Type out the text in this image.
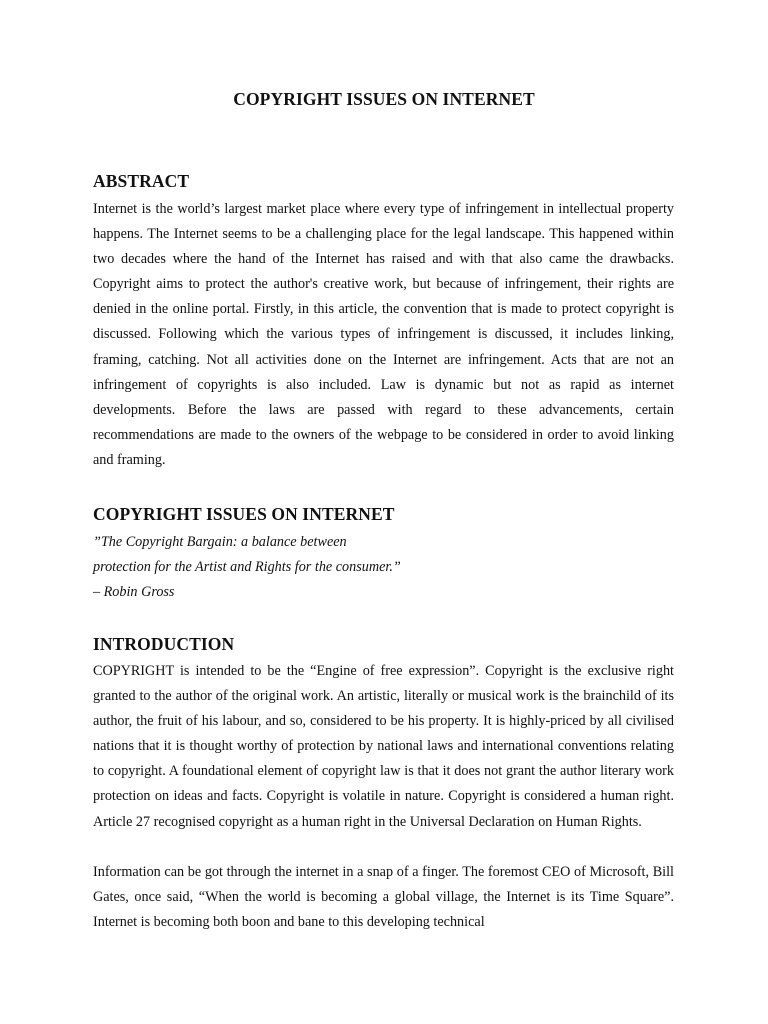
COPYRIGHT ISSUES ON INTERNET
ABSTRACT

Internet is the world’s largest market place where every type of infringement in intellectual property happens. The Internet seems to be a challenging place for the legal landscape. This happened within two decades where the hand of the Internet has raised and with that also came the drawbacks. Copyright aims to protect the author's creative work, but because of infringement, their rights are denied in the online portal. Firstly, in this article, the convention that is made to protect copyright is discussed. Following which the various types of infringement is discussed, it includes linking, framing, catching. Not all activities done on the Internet are infringement. Acts that are not an infringement of copyrights is also included. Law is dynamic but not as rapid as internet developments. Before the laws are passed with regard to these advancements, certain recommendations are made to the owners of the webpage to be considered in order to avoid linking and framing.

COPYRIGHT ISSUES ON INTERNET
”The Copyright Bargain: a balance between
protection for the Artist and Rights for the consumer.”
– Robin Gross
INTRODUCTION

COPYRIGHT is intended to be the “Engine of free expression”. Copyright is the exclusive right granted to the author of the original work. An artistic, literally or musical work is the brainchild of its author, the fruit of his labour, and so, considered to be his property. It is highly-priced by all civilised nations that it is thought worthy of protection by national laws and international conventions relating to copyright. A foundational element of copyright law is that it does not grant the author literary work protection on ideas and facts. Copyright is volatile in nature. Copyright is considered a human right. Article 27 recognised copyright as a human right in the Universal Declaration on Human Rights.

Information can be got through the internet in a snap of a finger. The foremost CEO of Microsoft, Bill Gates, once said, “When the world is becoming a global village, the Internet is its Time Square”. Internet is becoming both boon and bane to this developing technical
